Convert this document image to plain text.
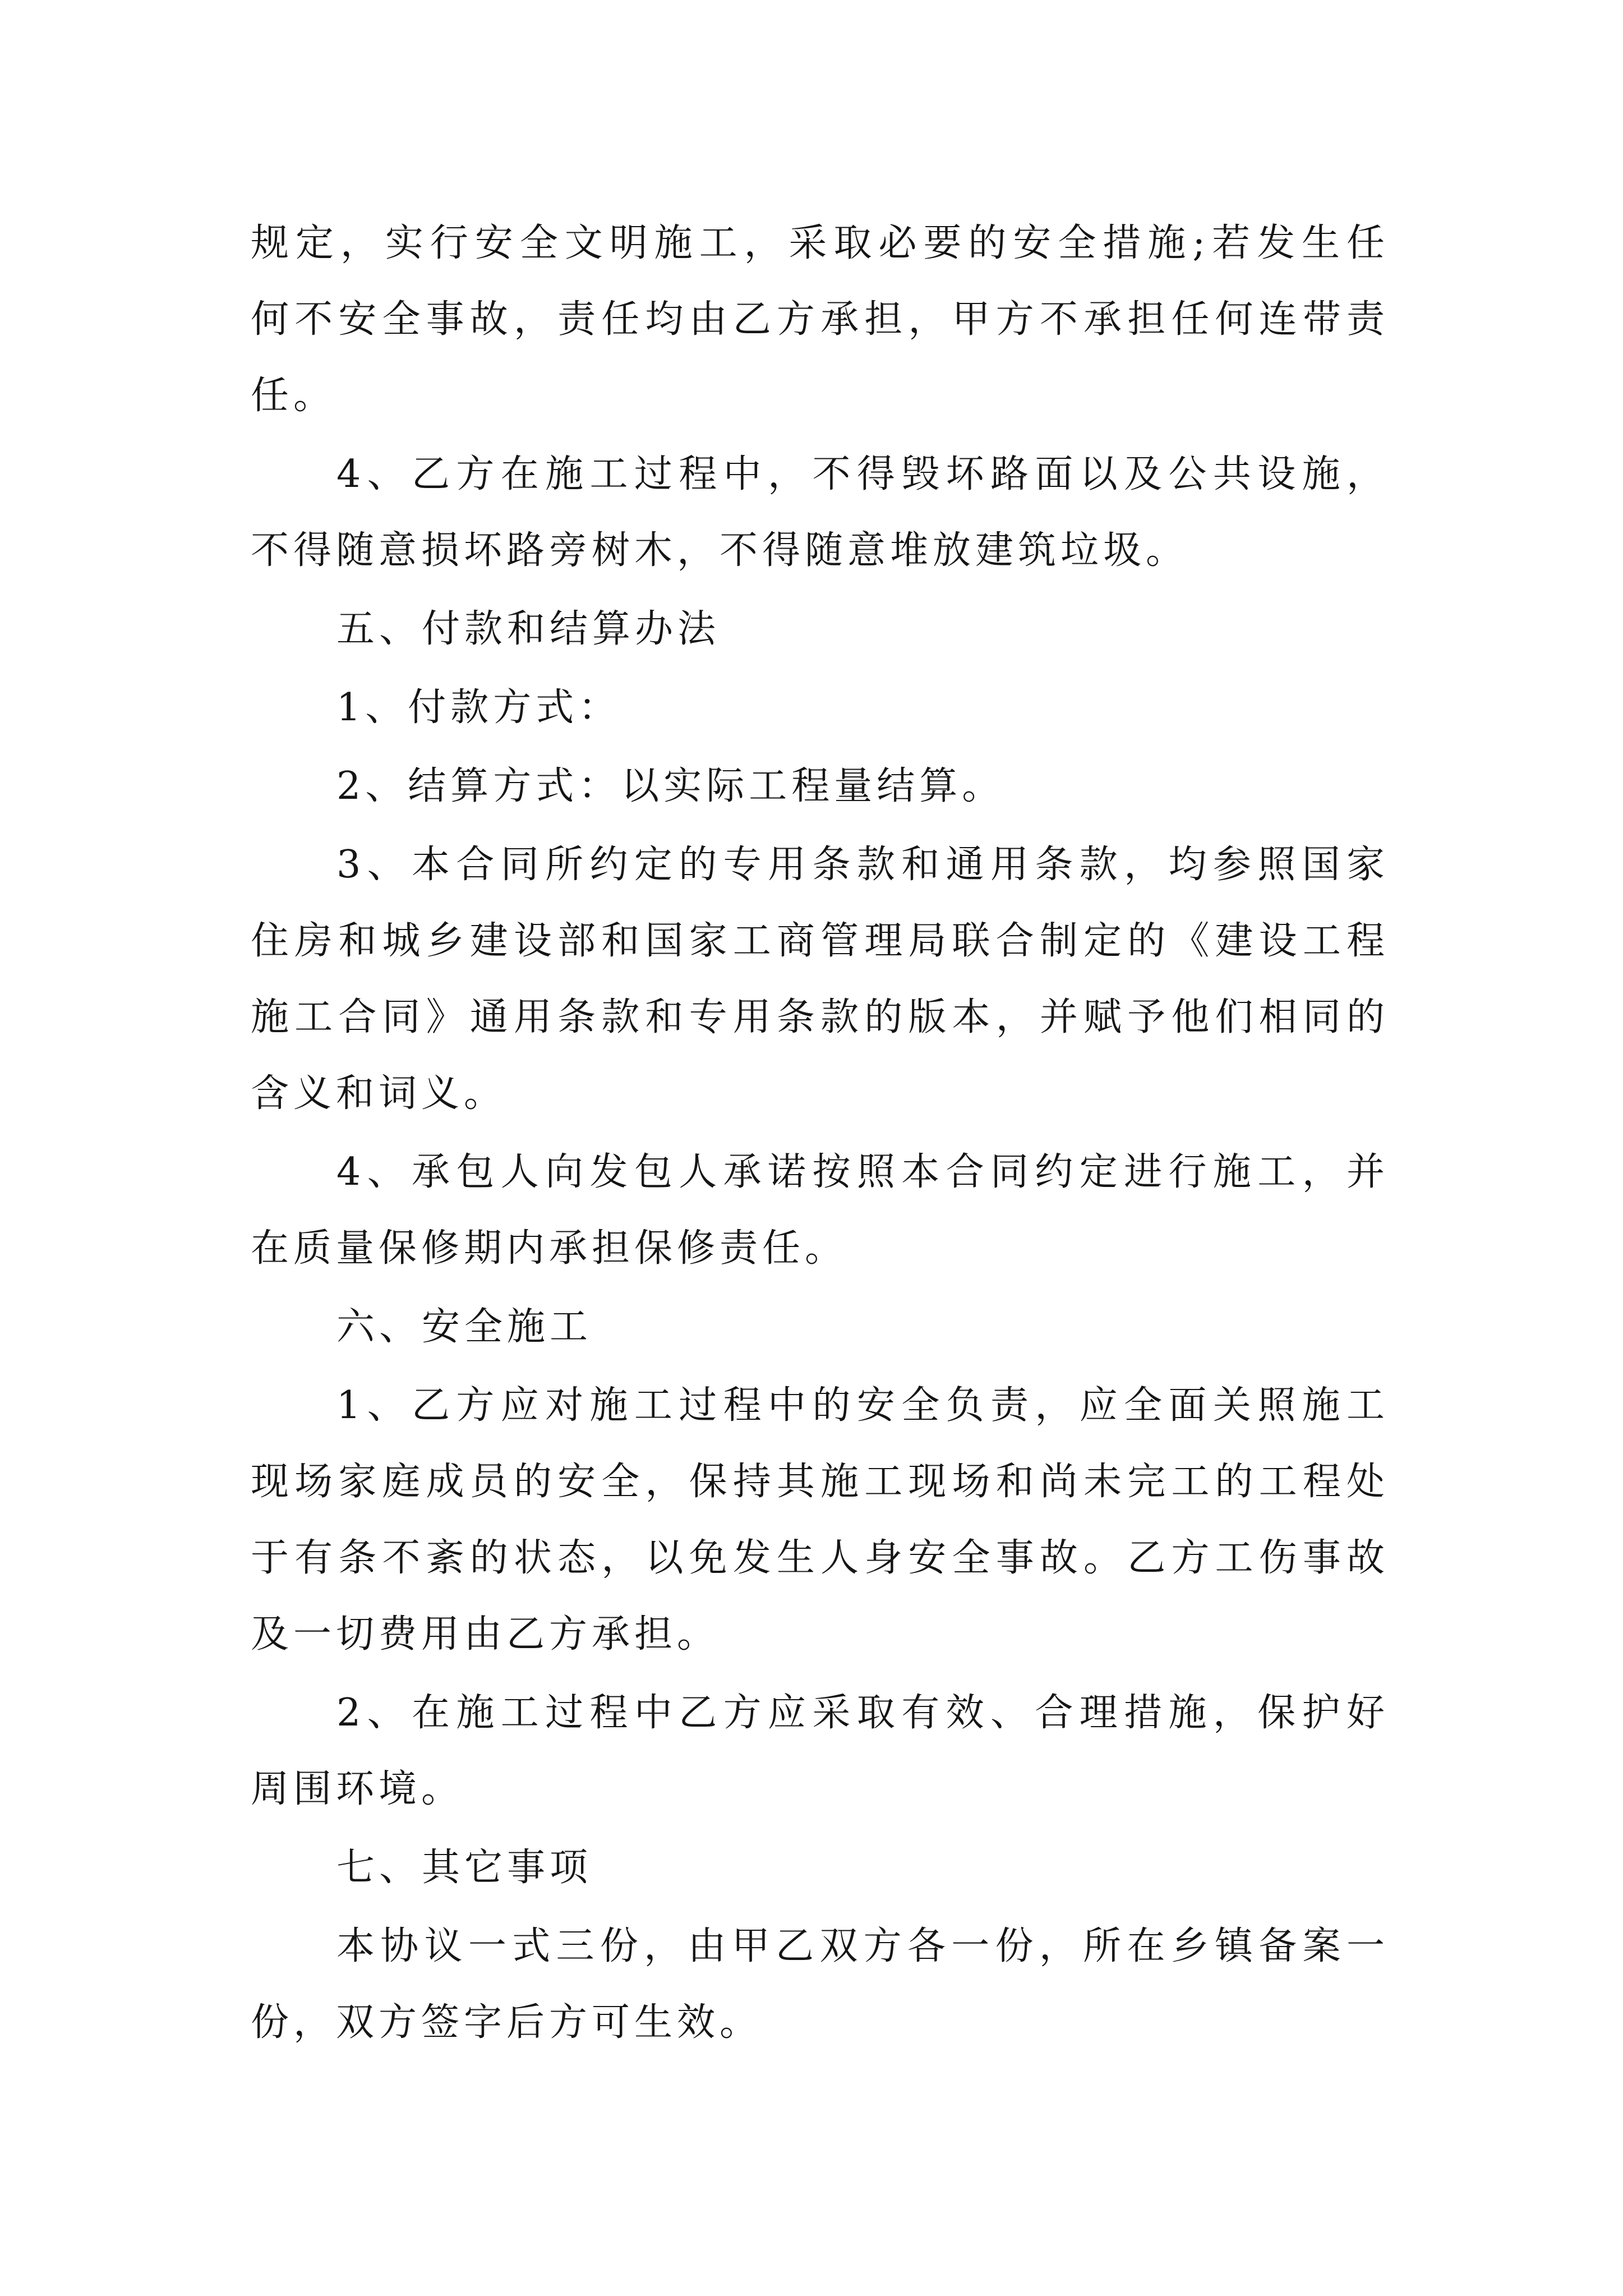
规定，实行安全文明施工，采取必要的安全措施;若发生任
何不安全事故，责任均由乙方承担，甲方不承担任何连带责
任。
4、乙方在施工过程中，不得毁坏路面以及公共设施，
不得随意损坏路旁树木，不得随意堆放建筑垃圾。
五、付款和结算办法
1、付款方式：
2、结算方式：以实际工程量结算。
3、本合同所约定的专用条款和通用条款，均参照国家
住房和城乡建设部和国家工商管理局联合制定的《建设工程
施工合同》通用条款和专用条款的版本，并赋予他们相同的
含义和词义。
4、承包人向发包人承诺按照本合同约定进行施工，并
在质量保修期内承担保修责任。
六、安全施工
1、乙方应对施工过程中的安全负责，应全面关照施工
现场家庭成员的安全，保持其施工现场和尚未完工的工程处
于有条不紊的状态，以免发生人身安全事故。乙方工伤事故
及一切费用由乙方承担。
2、在施工过程中乙方应采取有效、合理措施，保护好
周围环境。
七、其它事项
本协议一式三份，由甲乙双方各一份，所在乡镇备案一
份，双方签字后方可生效。
